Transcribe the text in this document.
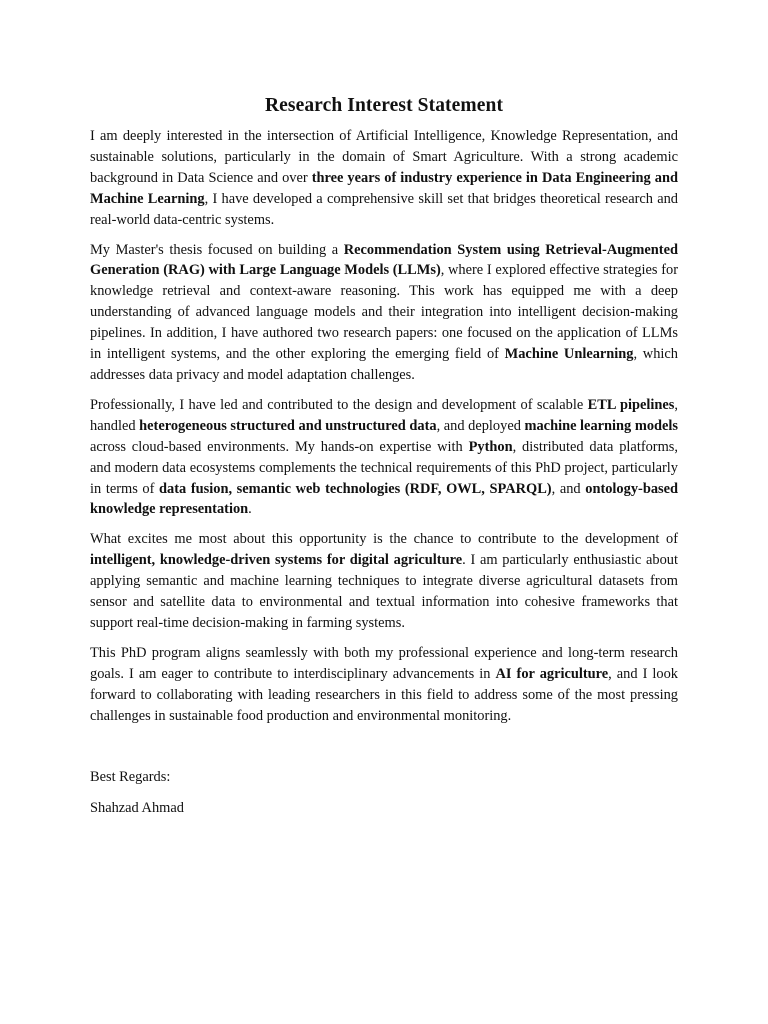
Research Interest Statement

I am deeply interested in the intersection of Artificial Intelligence, Knowledge Representation, and sustainable solutions, particularly in the domain of Smart Agriculture. With a strong academic background in Data Science and over three years of industry experience in Data Engineering and Machine Learning, I have developed a comprehensive skill set that bridges theoretical research and real-world data-centric systems.

My Master's thesis focused on building a Recommendation System using Retrieval-Augmented Generation (RAG) with Large Language Models (LLMs), where I explored effective strategies for knowledge retrieval and context-aware reasoning. This work has equipped me with a deep understanding of advanced language models and their integration into intelligent decision-making pipelines. In addition, I have authored two research papers: one focused on the application of LLMs in intelligent systems, and the other exploring the emerging field of Machine Unlearning, which addresses data privacy and model adaptation challenges.

Professionally, I have led and contributed to the design and development of scalable ETL pipelines, handled heterogeneous structured and unstructured data, and deployed machine learning models across cloud-based environments. My hands-on expertise with Python, distributed data platforms, and modern data ecosystems complements the technical requirements of this PhD project, particularly in terms of data fusion, semantic web technologies (RDF, OWL, SPARQL), and ontology-based knowledge representation.

What excites me most about this opportunity is the chance to contribute to the development of intelligent, knowledge-driven systems for digital agriculture. I am particularly enthusiastic about applying semantic and machine learning techniques to integrate diverse agricultural datasets from sensor and satellite data to environmental and textual information into cohesive frameworks that support real-time decision-making in farming systems.

This PhD program aligns seamlessly with both my professional experience and long-term research goals. I am eager to contribute to interdisciplinary advancements in AI for agriculture, and I look forward to collaborating with leading researchers in this field to address some of the most pressing challenges in sustainable food production and environmental monitoring.

Best Regards:

Shahzad Ahmad
